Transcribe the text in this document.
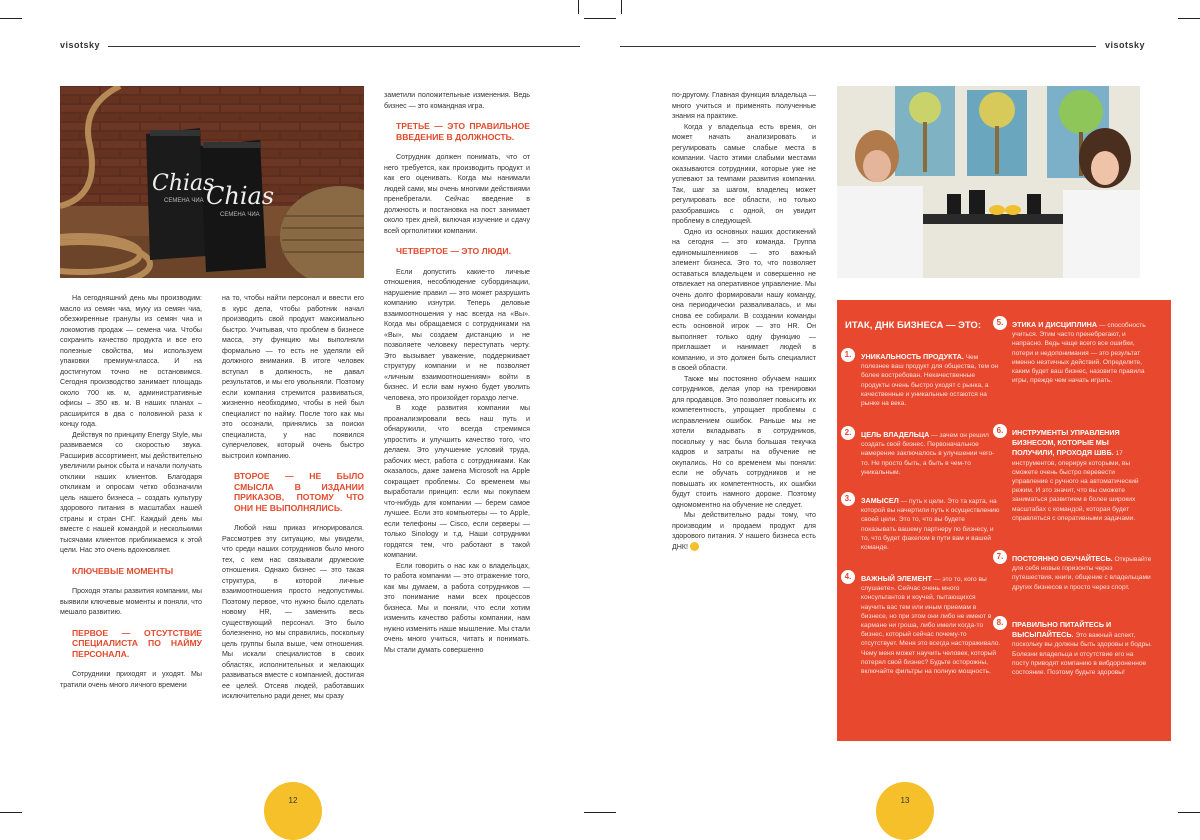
visotsky
Chias
Chias
СЕМЕНА ЧИА
СЕМЕНА ЧИА

На сегодняшний день мы производим: масло из семян чиа, муку из семян чиа, обезжиренные гранулы из семян чиа и локомотив продаж — семена чиа. Чтобы сохранить качество продукта и все его полезные свойства, мы используем упаковки премиум-класса. И на достигнутом точно не остановимся. Сегодня производство занимает площадь около 700 кв. м, административные офисы – 350 кв. м. В наших планах – расширится в два с половиной раза к концу года.

Действуя по принципу Energy Style, мы развиваемся со скоростью звука. Расширив ассортимент, мы действительно увеличили рынок сбыта и начали получать отклики наших клиентов. Благодаря откликам и опросам четко обозначили цель нашего бизнеса – создать культуру здорового питания в масштабах нашей страны и стран СНГ. Каждый день мы вместе с нашей командой и несколькими тысячами клиентов приближаемся к этой цели. Нас это очень вдохновляет.

КЛЮЧЕВЫЕ МОМЕНТЫ

Проходя этапы развития компании, мы выявили ключевые моменты и поняли, что мешало развитию.

ПЕРВОЕ — ОТСУТСТВИЕ СПЕЦИАЛИСТА ПО НАЙМУ ПЕРСОНАЛА.

Сотрудники приходят и уходят. Мы тратили очень много личного времени

на то, чтобы найти персонал и ввести его в курс дела, чтобы работник начал производить свой продукт максимально быстро. Учитывая, что проблем в бизнесе масса, эту функцию мы выполняли формально — то есть не уделяли ей должного внимания. В итоге человек вступал в должность, не давал результатов, и мы его увольняли. Поэтому если компания стремится развиваться, жизненно необходимо, чтобы в ней был специалист по найму. После того как мы это осознали, принялись за поиски специалиста, у нас появился суперчеловек, который очень быстро выстроил компанию.

ВТОРОЕ — НЕ БЫЛО СМЫСЛА В ИЗДАНИИ ПРИКАЗОВ, ПОТОМУ ЧТО ОНИ НЕ ВЫПОЛНЯЛИСЬ.

Любой наш приказ игнорировался. Рассмотрев эту ситуацию, мы увидели, что среди наших сотрудников было много тех, с кем нас связывали дружеские отношения. Однако бизнес — это такая структура, в которой личные взаимоотношения просто недопустимы. Поэтому первое, что нужно было сделать новому HR, — заменить весь существующий персонал. Это было болезненно, но мы справились, поскольку цель группы была выше, чем отношения. Мы искали специалистов в своих областях, исполнительных и желающих развиваться вместе с компанией, достигая ее целей. Отсеяв людей, работавших исключительно ради денег, мы сразу

заметили положительные изменения. Ведь бизнес — это командная игра.

ТРЕТЬЕ — ЭТО ПРАВИЛЬНОЕ ВВЕДЕНИЕ В ДОЛЖНОСТЬ.

Сотрудник должен понимать, что от него требуется, как производить продукт и как его оценивать. Когда мы нанимали людей сами, мы очень многими действиями пренебрегали. Сейчас введение в должность и постановка на пост занимает около трех дней, включая изучение и сдачу всей оргполитики компании.

ЧЕТВЕРТОЕ — ЭТО ЛЮДИ.

Если допустить какие-то личные отношения, несоблюдение субординации, нарушение правил — это может разрушить компанию изнутри. Теперь деловые взаимоотношения у нас всегда на «Вы». Когда мы обращаемся с сотрудниками на «Вы», мы создаем дистанцию и не позволяете человеку переступать черту. Это вызывает уважение, поддерживает структуру компании и не позволяет «личным взаимоотношениям» войти в бизнес. И если вам нужно будет уволить человека, это произойдет гораздо легче.

В ходе развития компании мы проанализировали весь наш путь и обнаружили, что всегда стремимся упростить и улучшить качество того, что делаем. Это улучшение условий труда, рабочих мест, работа с сотрудниками. Как оказалось, даже замена Microsoft на Apple сокращает проблемы. Со временем мы выработали принцип: если мы покупаем что-нибудь для компании — берем самое лучшее. Если это компьютеры — то Apple, если телефоны — Cisco, если серверы — только Sinology и т.д. Наши сотрудники гордятся тем, что работают в такой компании.

Если говорить о нас как о владельцах, то работа компании — это отражение того, как мы думаем, а работа сотрудников — это понимание нами всех процессов бизнеса. Мы и поняли, что если хотим изменить качество работы компании, нам нужно изменить наше мышление. Мы стали очень много учиться, читать и понимать. Мы стали думать совершенно

12
visotsky

по-другому. Главная функция владельца — много учиться и применять полученные знания на практике.

Когда у владельца есть время, он может начать анализировать и регулировать самые слабые места в компании. Часто этими слабыми местами оказываются сотрудники, которые уже не успевают за темпами развития компании. Так, шаг за шагом, владелец может регулировать все области, но только разобравшись с одной, он увидит проблему в следующей.

Одно из основных наших достижений на сегодня — это команда. Группа единомышленников — это важный элемент бизнеса. Это то, что позволяет оставаться владельцем и совершенно не отвлекает на оперативное управление. Мы очень долго формировали нашу команду, она периодически разваливалась, и мы снова ее собирали. В создании команды есть основной игрок — это HR. Он выполняет только одну функцию — приглашает и нанимает людей в компанию, и это должен быть специалист в своей области.

Также мы постоянно обучаем наших сотрудников, делая упор на тренировки для продавцов. Это позволяет повысить их компетентность, упрощает проблемы с исправлением ошибок. Раньше мы не хотели вкладывать в сотрудников, поскольку у нас была большая текучка кадров и затраты на обучение не окупались. Но со временем мы поняли: если не обучать сотрудников и не повышать их компетентность, их ошибки будут стоить намного дороже. Поэтому одномоментно на обучение не следует.

Мы действительно рады тому, что производим и продаем продукт для здорового питания. У нашего бизнеса есть ДНК! V

ИТАК, ДНК БИЗНЕСА — ЭТО:
1.	УНИКАЛЬНОСТЬ ПРОДУКТА. Чем полезнее ваш продукт для общества, тем он более востребован. Некачественные продукты очень быстро уходят с рынка, а качественные и уникальные остаются на рынке на века.
2.	ЦЕЛЬ ВЛАДЕЛЬЦА — зачем он решил создать свой бизнес. Первоначальное намерение заключалось в улучшении чего-то. Не просто быть, а быть в чем-то уникальным.
3.	ЗАМЫСЕЛ — путь к цели. Это та карта, на которой вы начертили путь к осуществлению своей цели. Это то, что вы будете показывать вашему партнеру по бизнесу, и то, что будет факелом в пути вам и вашей команде.
4.	ВАЖНЫЙ ЭЛЕМЕНТ — это то, кого вы слушаете». Сейчас очень много консультантов и коучей, пытающихся научить вас тем или иным приемам в бизнесе, но при этом они либо не имеют в кармане ни гроша, либо имели когда-то бизнес, который сейчас почему-то отсутствует. Меня это всегда настораживало. Чему меня может научить человек, который потерял свой бизнес? Будьте осторожны, включайте фильтры на полную мощность.
5.	ЭТИКА И ДИСЦИПЛИНА — способность учиться. Этим часто пренебрегают, и напрасно. Ведь чаще всего все ошибки, потери и недопонимания — это результат именно неэтичных действий. Определите, каким будет ваш бизнес, назовите правила игры, прежде чем начать играть.
6.	ИНСТРУМЕНТЫ УПРАВЛЕНИЯ БИЗНЕСОМ, КОТОРЫЕ МЫ ПОЛУЧИЛИ, ПРОХОДЯ ШВБ. 17 инструментов, оперируя которыми, вы сможете очень быстро перевести управление с ручного на автоматический режим. И это значит, что вы сможете заниматься развитием в более широких масштабах с командой, которая будет справляться с оперативными задачами.
7.	ПОСТОЯННО ОБУЧАЙТЕСЬ. Открывайте для себя новые горизонты через путешествия, книги, общение с владельцами других бизнесов и просто через спорт.
8.	ПРАВИЛЬНО ПИТАЙТЕСЬ И ВЫСЫПАЙТЕСЬ. Это важный аспект, поскольку вы должны быть здоровы и бодры. Болезни владельца и отсутствие его на посту приводят компанию в вибдороненное состояние. Поэтому будьте здоровы!
13
